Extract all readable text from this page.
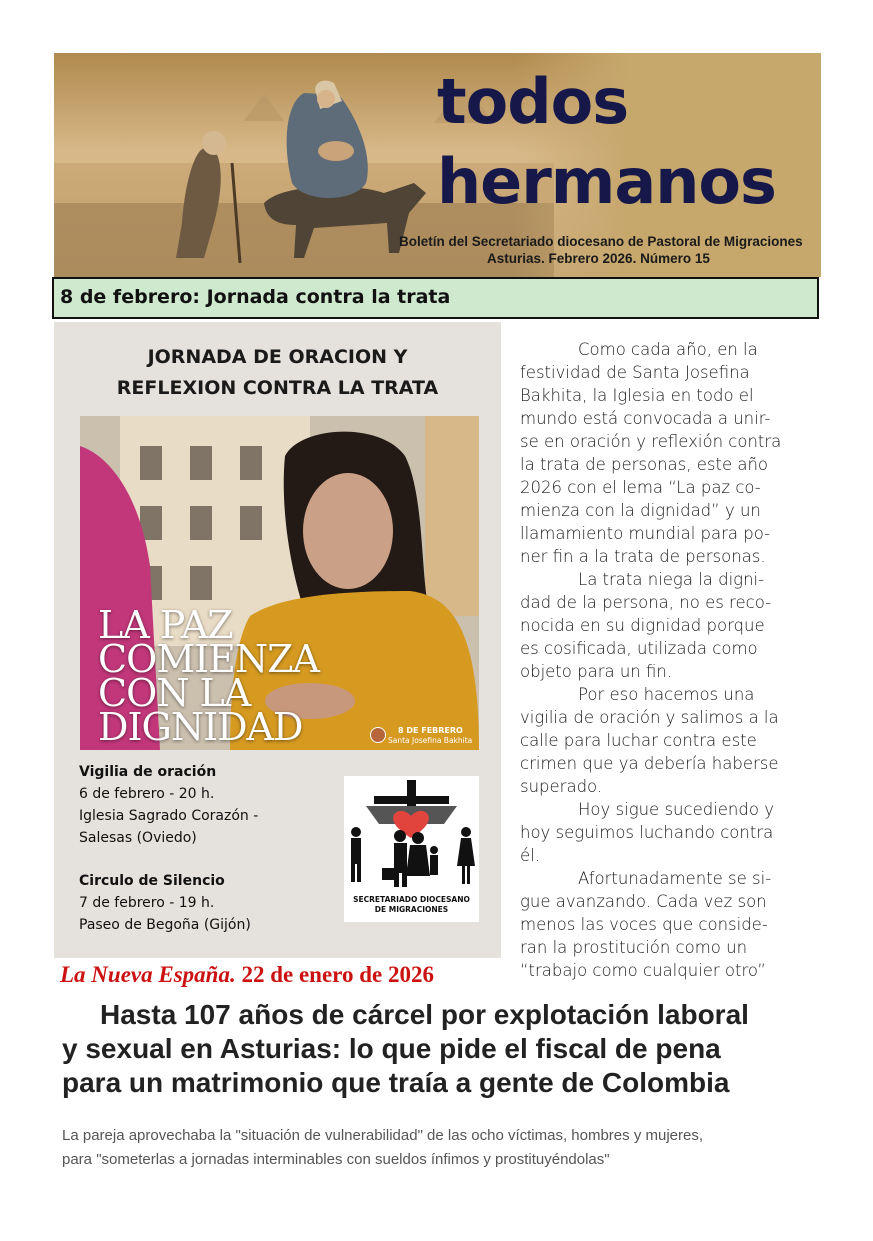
todos
hermanos
Boletín del Secretariado diocesano de Pastoral de Migraciones
Asturias. Febrero 2026. Número 15
8 de febrero: Jornada contra la trata
JORNADA DE ORACION Y
REFLEXION CONTRA LA TRATA
LA PAZ
COMIENZA
CON LA
DIGNIDAD	8 DE FEBRERO
Santa Josefina Bakhita
Vigilia de oración
6 de febrero - 20 h.
Iglesia Sagrado Corazón -
Salesas (Oviedo)
Circulo de Silencio
7 de febrero - 19 h.
Paseo de Begoña (Gijón)
SECRETARIADO DIOCESANO
DE MIGRACIONES

Como cada año, en la

festividad de Santa Josefina

Bakhita, la Iglesia en todo el

mundo está convocada a unir-

se en oración y reflexión contra

la trata de personas, este año

2026 con el lema “La paz co-

mienza con la dignidad” y un

llamamiento mundial para po-

ner fin a la trata de personas.

La trata niega la digni-

dad de la persona, no es reco-

nocida en su dignidad porque

es cosificada, utilizada como

objeto para un fin.

Por eso hacemos una

vigilia de oración y salimos a la

calle para luchar contra este

crimen que ya debería haberse

superado.

Hoy sigue sucediendo y

hoy seguimos luchando contra

él.

Afortunadamente se si-

gue avanzando. Cada vez son

menos las voces que conside-

ran la prostitución como un

“trabajo como cualquier otro”

La Nueva España. 22 de enero de 2026
Hasta 107 años de cárcel por explotación laboral
y sexual en Asturias: lo que pide el fiscal de pena
para un matrimonio que traía a gente de Colombia
La pareja aprovechaba la "situación de vulnerabilidad" de las ocho víctimas, hombres y mujeres,
para "someterlas a jornadas interminables con sueldos ínfimos y prostituyéndolas"
